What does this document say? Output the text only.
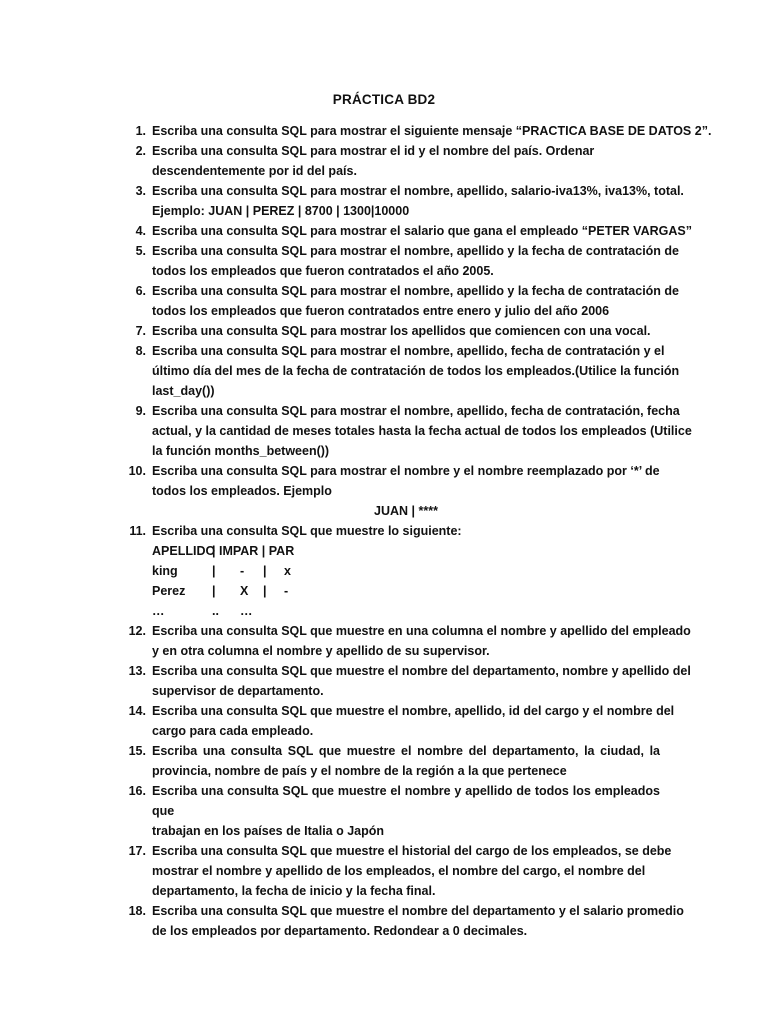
PRÁCTICA BD2
1. Escriba una consulta SQL para mostrar el siguiente mensaje “PRACTICA BASE DE DATOS 2”.
2. Escriba una consulta SQL para mostrar el id y el nombre del país. Ordenar
descendentemente por id del país.
3. Escriba una consulta SQL para mostrar el nombre, apellido, salario-iva13%, iva13%, total.
Ejemplo: JUAN | PEREZ | 8700 | 1300|10000
4. Escriba una consulta SQL para mostrar el salario que gana el empleado “PETER VARGAS”
5. Escriba una consulta SQL para mostrar el nombre, apellido y la fecha de contratación de
todos los empleados que fueron contratados el año 2005.
6. Escriba una consulta SQL para mostrar el nombre, apellido y la fecha de contratación de
todos los empleados que fueron contratados entre enero y julio del año 2006
7. Escriba una consulta SQL para mostrar los apellidos que comiencen con una vocal.
8. Escriba una consulta SQL para mostrar el nombre, apellido, fecha de contratación y el
último día del mes de la fecha de contratación de todos los empleados.(Utilice la función
last_day())
9. Escriba una consulta SQL para mostrar el nombre, apellido, fecha de contratación, fecha
actual, y la cantidad de meses totales hasta la fecha actual de todos los empleados (Utilice
la función months_between())
10. Escriba una consulta SQL para mostrar el nombre y el nombre reemplazado por ‘*’ de
todos los empleados. Ejemplo
JUAN | ****
11. Escriba una consulta SQL que muestre lo siguiente:
APELLIDO
| IMPAR | PAR
king	| - | x
Perez | X | -
…	.. …
12. Escriba una consulta SQL que muestre en una columna el nombre y apellido del empleado
y en otra columna el nombre y apellido de su supervisor.
13. Escriba una consulta SQL que muestre el nombre del departamento, nombre y apellido del
supervisor de departamento.
14. Escriba una consulta SQL que muestre el nombre, apellido, id del cargo y el nombre del
cargo para cada empleado.
15. Escriba una consulta SQL que muestre el nombre del departamento, la ciudad, la
provincia, nombre de país y el nombre de la región a la que pertenece
16. Escriba una consulta SQL que muestre el nombre y apellido de todos los empleados que
trabajan en los países de Italia o Japón
17. Escriba una consulta SQL que muestre el historial del cargo de los empleados, se debe
mostrar el nombre y apellido de los empleados, el nombre del cargo, el nombre del
departamento, la fecha de inicio y la fecha final.
18. Escriba una consulta SQL que muestre el nombre del departamento y el salario promedio
de los empleados por departamento. Redondear a 0 decimales.
